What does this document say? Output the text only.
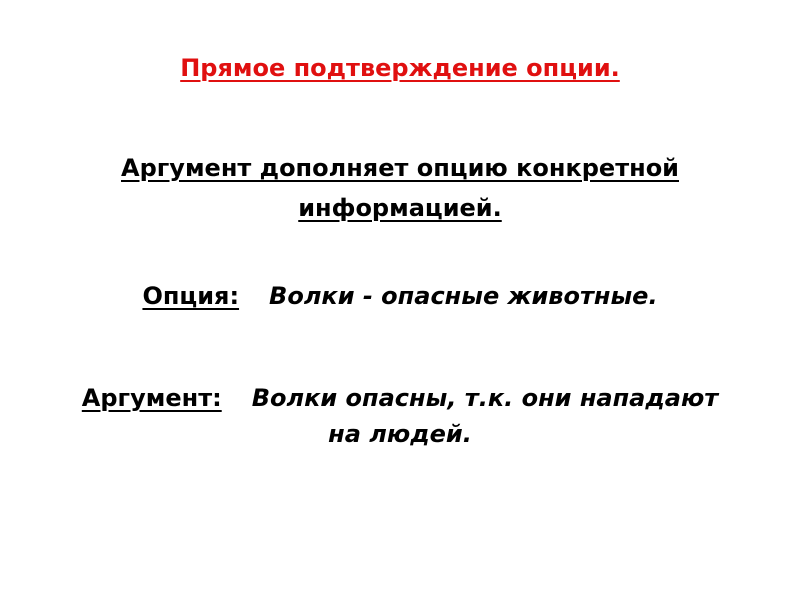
Прямое подтверждение опции.
Аргумент дополняет опцию конкретной
информацией.
Опция: Волки - опасные животные.
Аргумент: Волки опасны, т.к. они нападают
на людей.
